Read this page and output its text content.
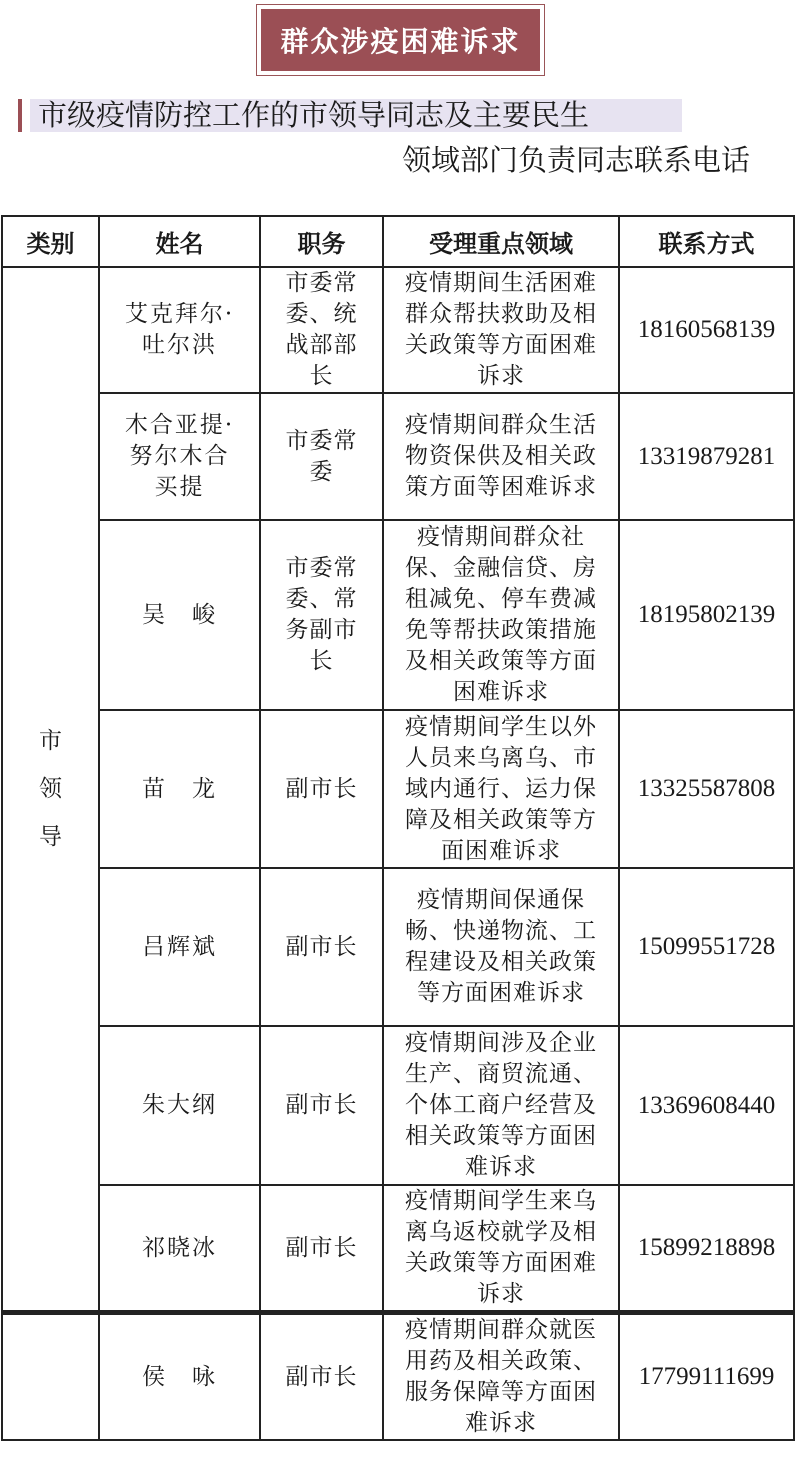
群众涉疫困难诉求
市级疫情防控工作的市领导同志及主要民生
领域部门负责同志联系电话
类别	姓名	职务	受理重点领域	联系方式
市领导	艾克拜尔·吐尔洪	市委常委、统战部部长	疫情期间生活困难群众帮扶救助及相关政策等方面困难诉求	18160568139
	木合亚提·努尔木合买提	市委常委	疫情期间群众生活物资保供及相关政策方面等困难诉求	13319879281
	吴　峻	市委常委、常务副市长	疫情期间群众社保、金融信贷、房租减免、停车费减免等帮扶政策措施及相关政策等方面困难诉求	18195802139
	苗　龙	副市长	疫情期间学生以外人员来乌离乌、市域内通行、运力保障及相关政策等方面困难诉求	13325587808
	吕辉斌	副市长	疫情期间保通保畅、快递物流、工程建设及相关政策等方面困难诉求	15099551728
	朱大纲	副市长	疫情期间涉及企业生产、商贸流通、个体工商户经营及相关政策等方面困难诉求	13369608440
	祁晓冰	副市长	疫情期间学生来乌离乌返校就学及相关政策等方面困难诉求	15899218898
	侯　咏	副市长	疫情期间群众就医用药及相关政策、服务保障等方面困难诉求	17799111699
